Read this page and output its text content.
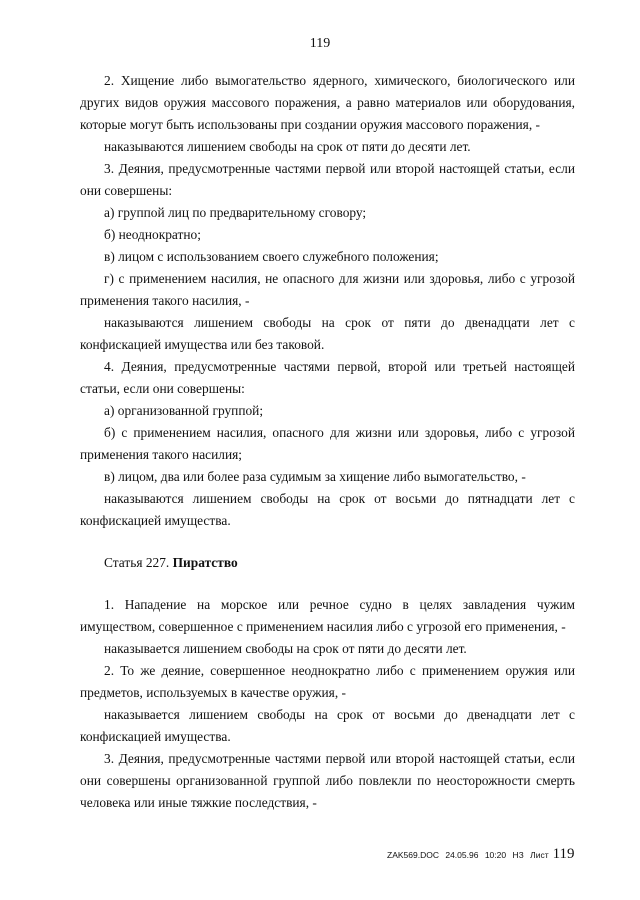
119

2. Хищение либо вымогательство ядерного, химического, биологического или других видов оружия массового поражения, а равно материалов или оборудования, которые могут быть использованы при создании оружия массового поражения, -

наказываются лишением свободы на срок от пяти до десяти лет.

3. Деяния, предусмотренные частями первой или второй настоящей статьи, если они совершены:

а) группой лиц по предварительному сговору;

б) неоднократно;

в) лицом с использованием своего служебного положения;

г) с применением насилия, не опасного для жизни или здоровья, либо с угрозой применения такого насилия, -

наказываются лишением свободы на срок от пяти до двенадцати лет с конфискацией имущества или без таковой.

4. Деяния, предусмотренные частями первой, второй или третьей настоящей статьи, если они совершены:

а) организованной группой;

б) с применением насилия, опасного для жизни или здоровья, либо с угрозой применения такого насилия;

в) лицом, два или более раза судимым за хищение либо вымогательство, -

наказываются лишением свободы на срок от восьми до пятнадцати лет с конфискацией имущества.

Статья 227. Пиратство

1. Нападение на морское или речное судно в целях завладения чужим имуществом, совершенное с применением насилия либо с угрозой его применения, -

наказывается лишением свободы на срок от пяти до десяти лет.

2. То же деяние, совершенное неоднократно либо с применением оружия или предметов, используемых в качестве оружия, -

наказывается лишением свободы на срок от восьми до двенадцати лет с конфискацией имущества.

3. Деяния, предусмотренные частями первой или второй настоящей статьи, если они совершены организованной группой либо повлекли по неосторожности смерть человека или иные тяжкие последствия, -

ZAK569.DOC 24.05.96 10:20 НЗ Лист 119
